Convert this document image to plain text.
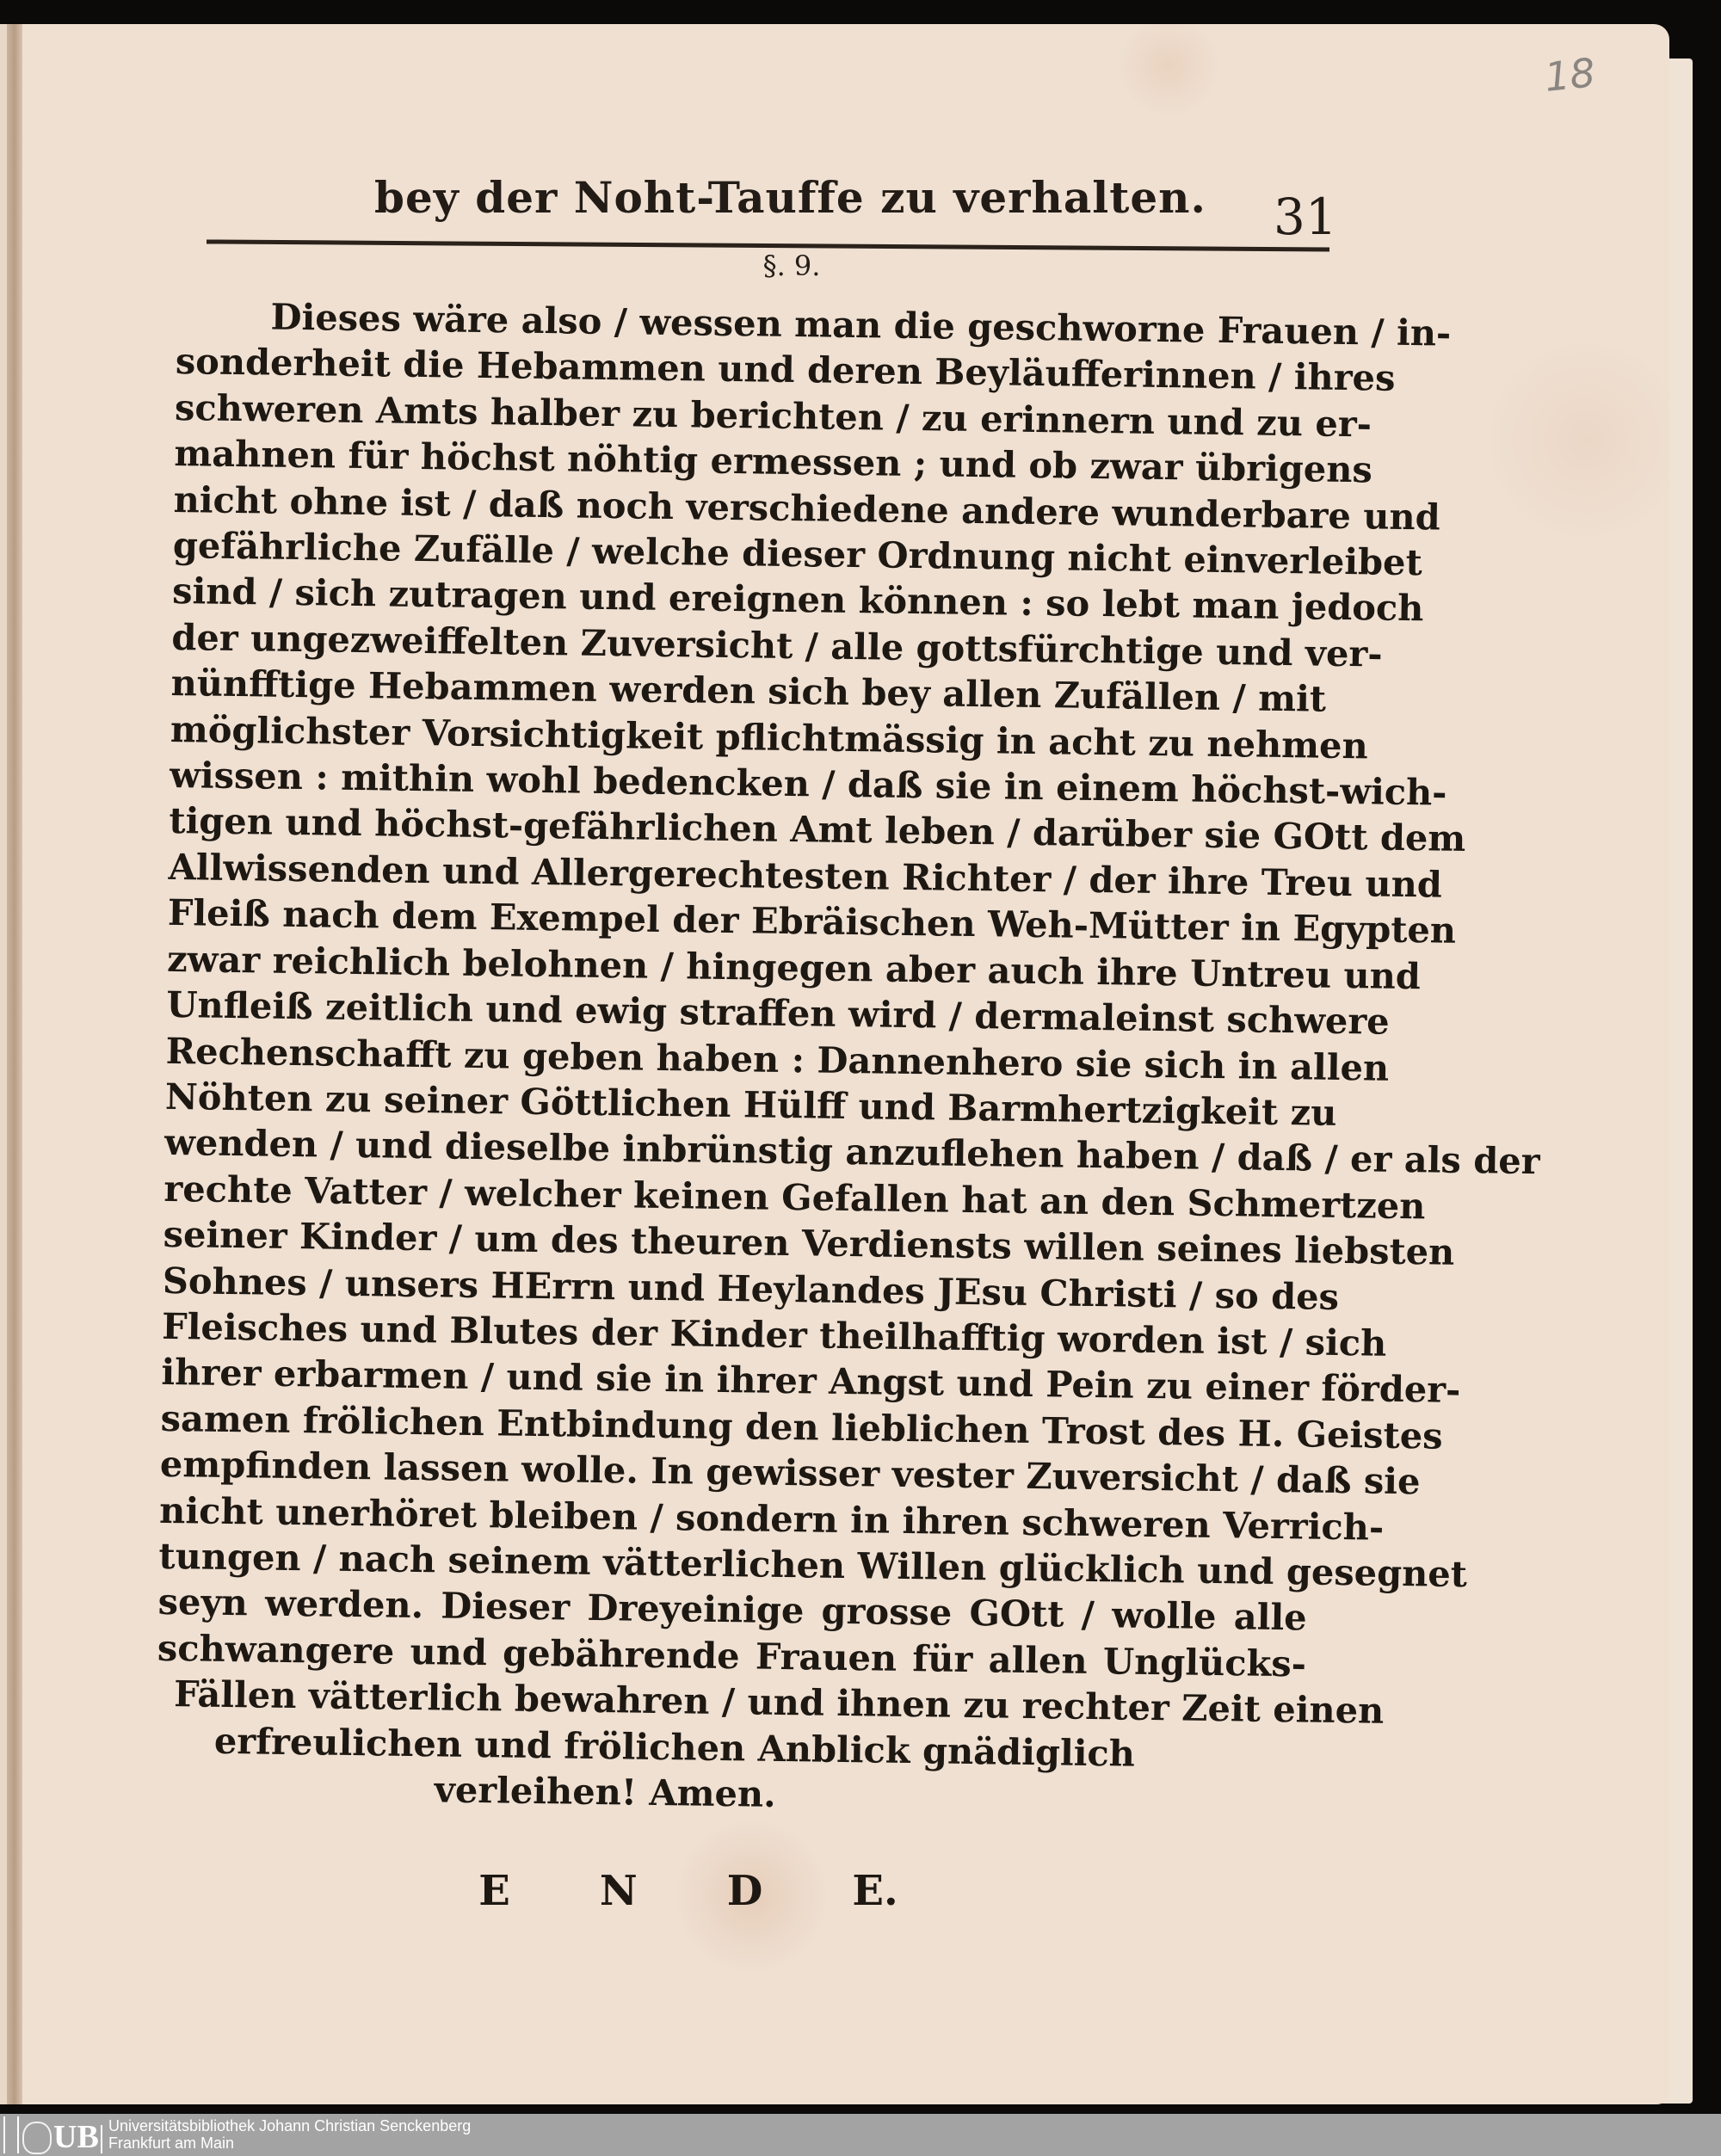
18
bey der Noht-Tauffe zu verhalten. 31
§. 9.
Dieses wäre also / wessen man die geschworne Frauen / in-
sonderheit die Hebammen und deren Beyläufferinnen / ihres
schweren Amts halber zu berichten / zu erinnern und zu er-
mahnen für höchst nöhtig ermessen ; und ob zwar übrigens
nicht ohne ist / daß noch verschiedene andere wunderbare und
gefährliche Zufälle / welche dieser Ordnung nicht einverleibet
sind / sich zutragen und ereignen können : so lebt man jedoch
der ungezweiffelten Zuversicht / alle gottsfürchtige und ver-
nünfftige Hebammen werden sich bey allen Zufällen / mit
möglichster Vorsichtigkeit pflichtmässig in acht zu nehmen
wissen : mithin wohl bedencken / daß sie in einem höchst-wich-
tigen und höchst-gefährlichen Amt leben / darüber sie GOtt dem
Allwissenden und Allergerechtesten Richter / der ihre Treu und
Fleiß nach dem Exempel der Ebräischen Weh-Mütter in Egypten
zwar reichlich belohnen / hingegen aber auch ihre Untreu und
Unfleiß zeitlich und ewig straffen wird / dermaleinst schwere
Rechenschafft zu geben haben : Dannenhero sie sich in allen
Nöhten zu seiner Göttlichen Hülff und Barmhertzigkeit zu
wenden / und dieselbe inbrünstig anzuflehen haben / daß / er als der
rechte Vatter / welcher keinen Gefallen hat an den Schmertzen
seiner Kinder / um des theuren Verdiensts willen seines liebsten
Sohnes / unsers HErrn und Heylandes JEsu Christi / so des
Fleisches und Blutes der Kinder theilhafftig worden ist / sich
ihrer erbarmen / und sie in ihrer Angst und Pein zu einer förder-
samen frölichen Entbindung den lieblichen Trost des H. Geistes
empfinden lassen wolle. In gewisser vester Zuversicht / daß sie
nicht unerhöret bleiben / sondern in ihren schweren Verrich-
tungen / nach seinem vätterlichen Willen glücklich und gesegnet
seyn werden. Dieser Dreyeinige grosse GOtt / wolle alle
schwangere und gebährende Frauen für allen Unglücks-
Fällen vätterlich bewahren / und ihnen zu rechter Zeit einen
erfreulichen und frölichen Anblick gnädiglich
verleihen! Amen.
E N D E.
UB Universitätsbibliothek Johann Christian Senckenberg
Frankfurt am Main
